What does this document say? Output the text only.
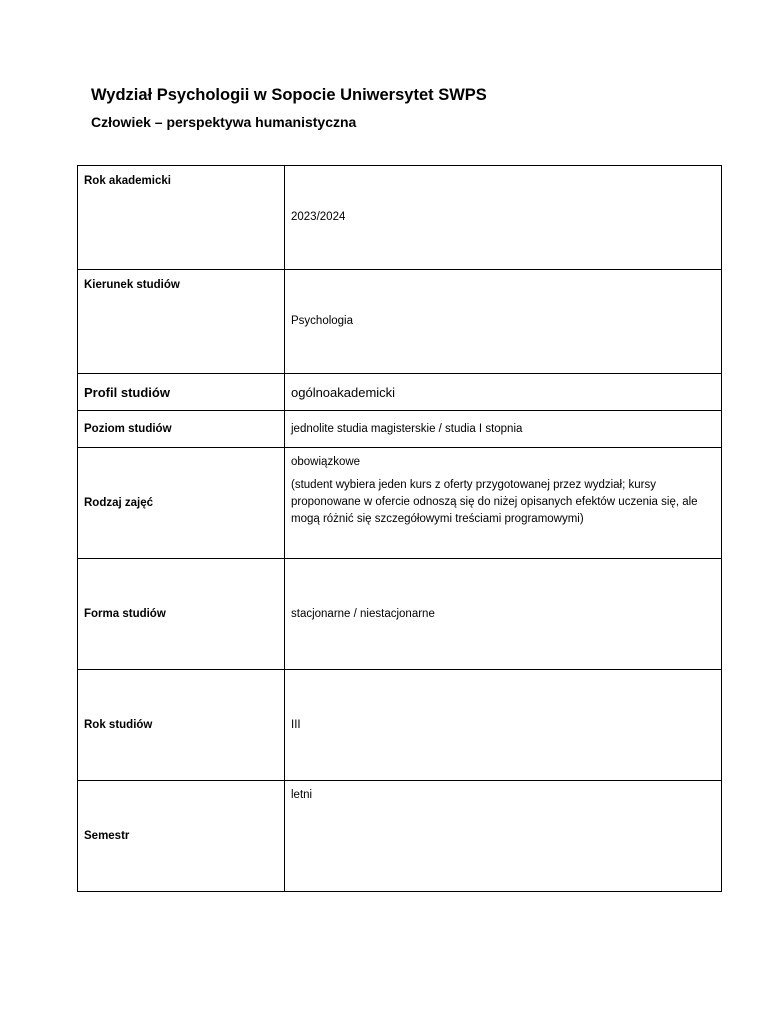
Wydział Psychologii w Sopocie Uniwersytet SWPS
Człowiek – perspektywa humanistyczna
Rok akademicki	2023/2024
Kierunek studiów	Psychologia
Profil studiów	ogólnoakademicki
Poziom studiów	jednolite studia magisterskie / studia I stopnia
Rodzaj zajęć	obowiązkowe
(student wybiera jeden kurs z oferty przygotowanej przez wydział; kursy proponowane w ofercie odnoszą się do niżej opisanych efektów uczenia się, ale mogą różnić się szczegółowymi treściami programowymi)

Forma studiów	stacjonarne / niestacjonarne
Rok studiów	III
Semestr	letni
